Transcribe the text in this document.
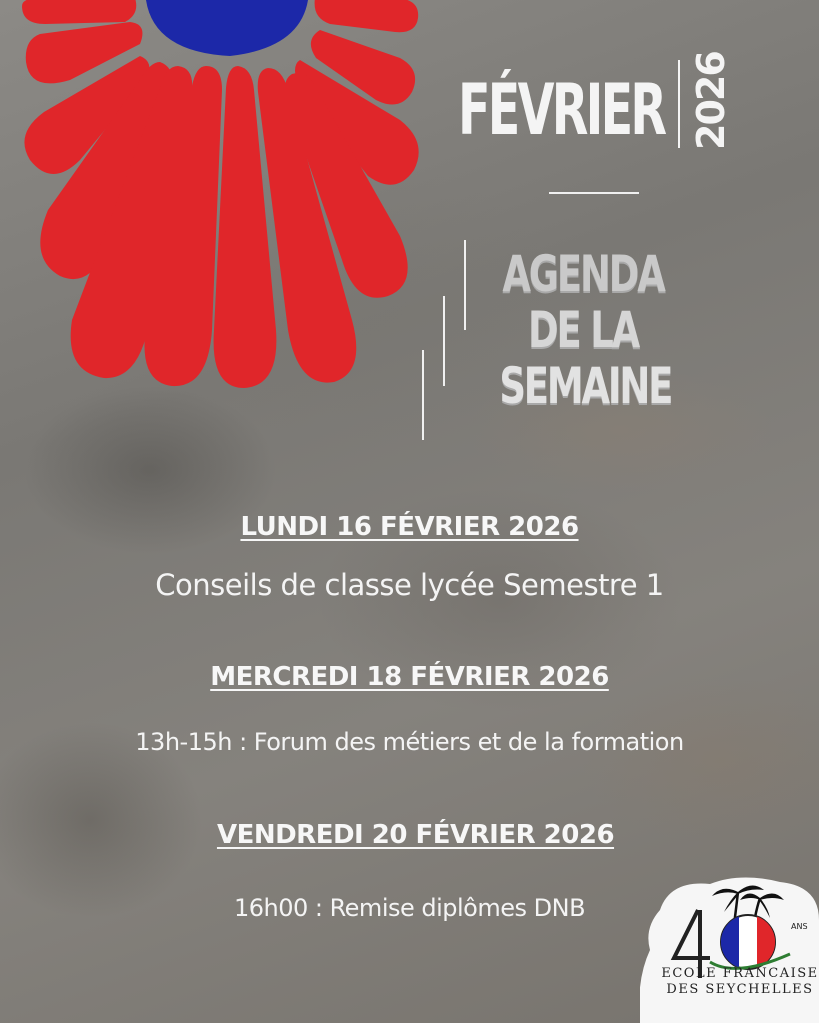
FÉVRIER 2026
AGENDA
DE LA
SEMAINE
LUNDI 16 FÉVRIER 2026
Conseils de classe lycée Semestre 1
MERCREDI 18 FÉVRIER 2026
13h-15h : Forum des métiers et de la formation
VENDREDI 20 FÉVRIER 2026
16h00 : Remise diplômes DNB
ANS
ECOLE FRANCAISE
DES SEYCHELLES
